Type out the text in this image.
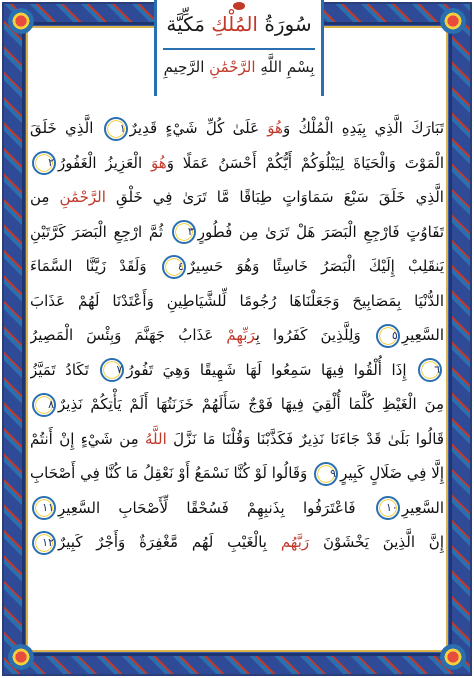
سُورَةُ المُلْكِ مَكِّيَّة
بِسْمِ اللَّهِ الرَّحْمَٰنِ الرَّحِيمِ
تَبَارَكَ الَّذِي بِيَدِهِ الْمُلْكُ وَهُوَ عَلَىٰ كُلِّ شَيْءٍ قَدِيرٌ١ الَّذِي خَلَقَ
الْمَوْتَ وَالْحَيَاةَ لِيَبْلُوَكُمْ أَيُّكُمْ أَحْسَنُ عَمَلًا وَهُوَ الْعَزِيزُ الْغَفُورُ٢
الَّذِي خَلَقَ سَبْعَ سَمَاوَاتٍ طِبَاقًا مَّا تَرَىٰ فِي خَلْقِ الرَّحْمَٰنِ مِن
تَفَاوُتٍ فَارْجِعِ الْبَصَرَ هَلْ تَرَىٰ مِن فُطُورٍ٣ ثُمَّ ارْجِعِ الْبَصَرَ كَرَّتَيْنِ
يَنقَلِبْ إِلَيْكَ الْبَصَرُ خَاسِئًا وَهُوَ حَسِيرٌ٤ وَلَقَدْ زَيَّنَّا السَّمَاءَ
الدُّنْيَا بِمَصَابِيحَ وَجَعَلْنَاهَا رُجُومًا لِّلشَّيَاطِينِ وَأَعْتَدْنَا لَهُمْ عَذَابَ
السَّعِيرِ٥ وَلِلَّذِينَ كَفَرُوا بِرَبِّهِمْ عَذَابُ جَهَنَّمَ وَبِئْسَ الْمَصِيرُ
٦ إِذَا أُلْقُوا فِيهَا سَمِعُوا لَهَا شَهِيقًا وَهِيَ تَفُورُ٧ تَكَادُ تَمَيَّزُ
مِنَ الْغَيْظِ كُلَّمَا أُلْقِيَ فِيهَا فَوْجٌ سَأَلَهُمْ خَزَنَتُهَا أَلَمْ يَأْتِكُمْ نَذِيرٌ٨
قَالُوا بَلَىٰ قَدْ جَاءَنَا نَذِيرٌ فَكَذَّبْنَا وَقُلْنَا مَا نَزَّلَ اللَّهُ مِن شَيْءٍ إِنْ أَنتُمْ
إِلَّا فِي ضَلَالٍ كَبِيرٍ٩ وَقَالُوا لَوْ كُنَّا نَسْمَعُ أَوْ نَعْقِلُ مَا كُنَّا فِي أَصْحَابِ
السَّعِيرِ١٠ فَاعْتَرَفُوا بِذَنبِهِمْ فَسُحْقًا لِّأَصْحَابِ السَّعِيرِ١١
إِنَّ الَّذِينَ يَخْشَوْنَ رَبَّهُم بِالْغَيْبِ لَهُم مَّغْفِرَةٌ وَأَجْرٌ كَبِيرٌ١٢
